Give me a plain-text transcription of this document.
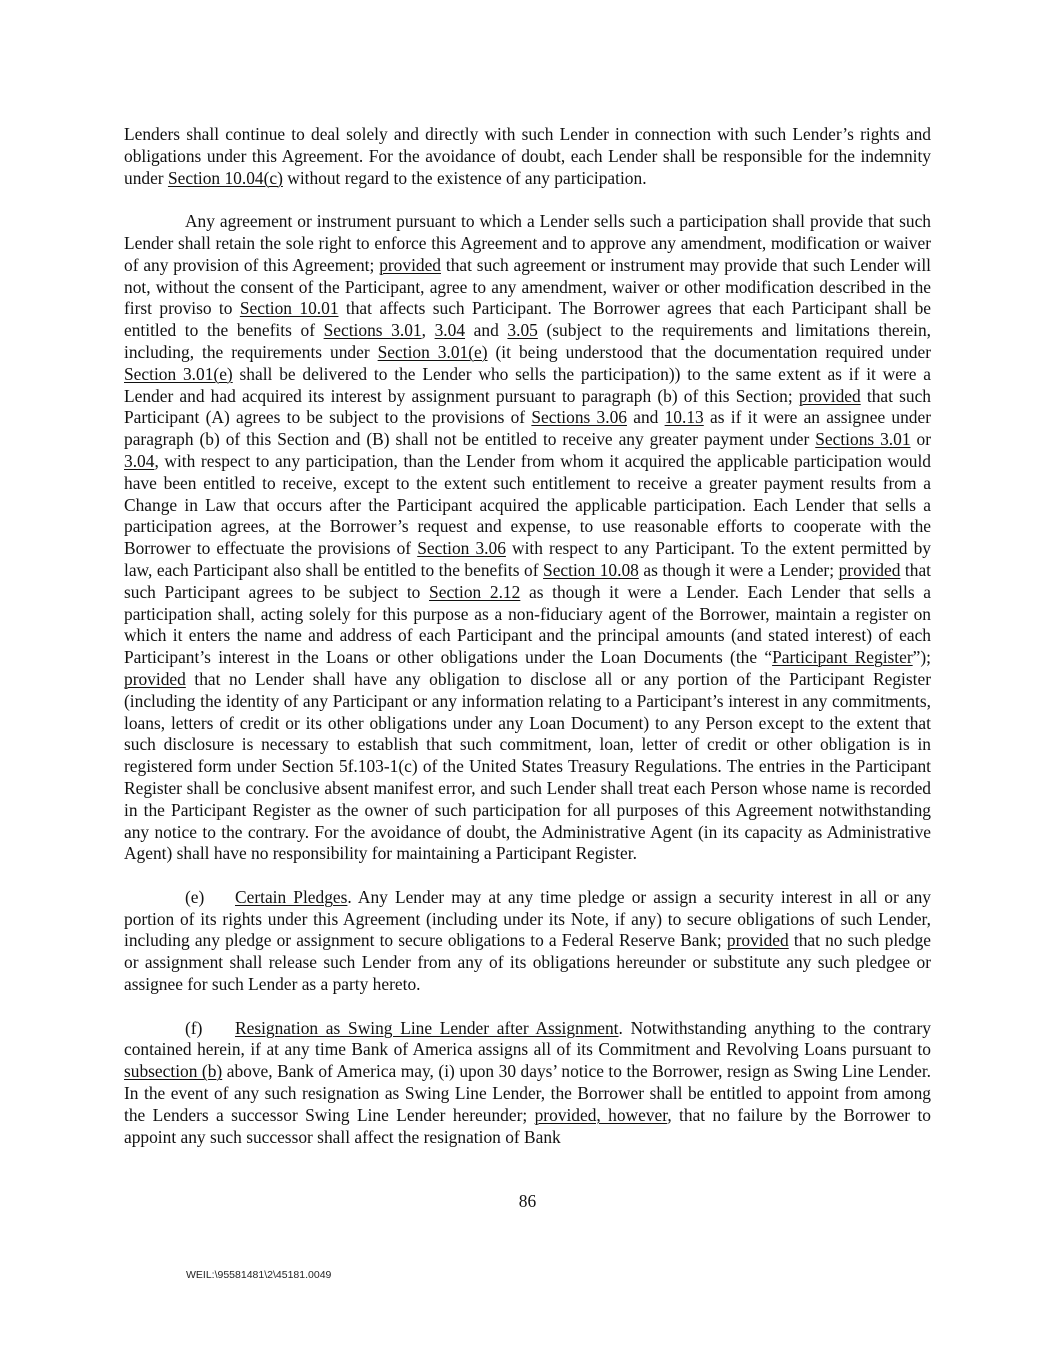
Lenders shall continue to deal solely and directly with such Lender in connection with such Lender’s rights and obligations under this Agreement. For the avoidance of doubt, each Lender shall be responsible for the indemnity under Section 10.04(c) without regard to the existence of any participation.

Any agreement or instrument pursuant to which a Lender sells such a participation shall provide that such Lender shall retain the sole right to enforce this Agreement and to approve any amendment, modification or waiver of any provision of this Agreement; provided that such agreement or instrument may provide that such Lender will not, without the consent of the Participant, agree to any amendment, waiver or other modification described in the first proviso to Section 10.01 that affects such Participant. The Borrower agrees that each Participant shall be entitled to the benefits of Sections 3.01, 3.04 and 3.05 (subject to the requirements and limitations therein, including, the requirements under Section 3.01(e) (it being understood that the documentation required under Section 3.01(e) shall be delivered to the Lender who sells the participation)) to the same extent as if it were a Lender and had acquired its interest by assignment pursuant to paragraph (b) of this Section; provided that such Participant (A) agrees to be subject to the provisions of Sections 3.06 and 10.13 as if it were an assignee under paragraph (b) of this Section and (B) shall not be entitled to receive any greater payment under Sections 3.01 or 3.04, with respect to any participation, than the Lender from whom it acquired the applicable participation would have been entitled to receive, except to the extent such entitlement to receive a greater payment results from a Change in Law that occurs after the Participant acquired the applicable participation. Each Lender that sells a participation agrees, at the Borrower’s request and expense, to use reasonable efforts to cooperate with the Borrower to effectuate the provisions of Section 3.06 with respect to any Participant. To the extent permitted by law, each Participant also shall be entitled to the benefits of Section 10.08 as though it were a Lender; provided that such Participant agrees to be subject to Section 2.12 as though it were a Lender. Each Lender that sells a participation shall, acting solely for this purpose as a non-fiduciary agent of the Borrower, maintain a register on which it enters the name and address of each Participant and the principal amounts (and stated interest) of each Participant’s interest in the Loans or other obligations under the Loan Documents (the “Participant Register”); provided that no Lender shall have any obligation to disclose all or any portion of the Participant Register (including the identity of any Participant or any information relating to a Participant’s interest in any commitments, loans, letters of credit or its other obligations under any Loan Document) to any Person except to the extent that such disclosure is necessary to establish that such commitment, loan, letter of credit or other obligation is in registered form under Section 5f.103-1(c) of the United States Treasury Regulations. The entries in the Participant Register shall be conclusive absent manifest error, and such Lender shall treat each Person whose name is recorded in the Participant Register as the owner of such participation for all purposes of this Agreement notwithstanding any notice to the contrary. For the avoidance of doubt, the Administrative Agent (in its capacity as Administrative Agent) shall have no responsibility for maintaining a Participant Register.

(e) Certain Pledges. Any Lender may at any time pledge or assign a security interest in all or any portion of its rights under this Agreement (including under its Note, if any) to secure obligations of such Lender, including any pledge or assignment to secure obligations to a Federal Reserve Bank; provided that no such pledge or assignment shall release such Lender from any of its obligations hereunder or substitute any such pledgee or assignee for such Lender as a party hereto.

(f) Resignation as Swing Line Lender after Assignment. Notwithstanding anything to the contrary contained herein, if at any time Bank of America assigns all of its Commitment and Revolving Loans pursuant to subsection (b) above, Bank of America may, (i) upon 30 days’ notice to the Borrower, resign as Swing Line Lender. In the event of any such resignation as Swing Line Lender, the Borrower shall be entitled to appoint from among the Lenders a successor Swing Line Lender hereunder; provided, however, that no failure by the Borrower to appoint any such successor shall affect the resignation of Bank

86
WEIL:\95581481\2\45181.0049
